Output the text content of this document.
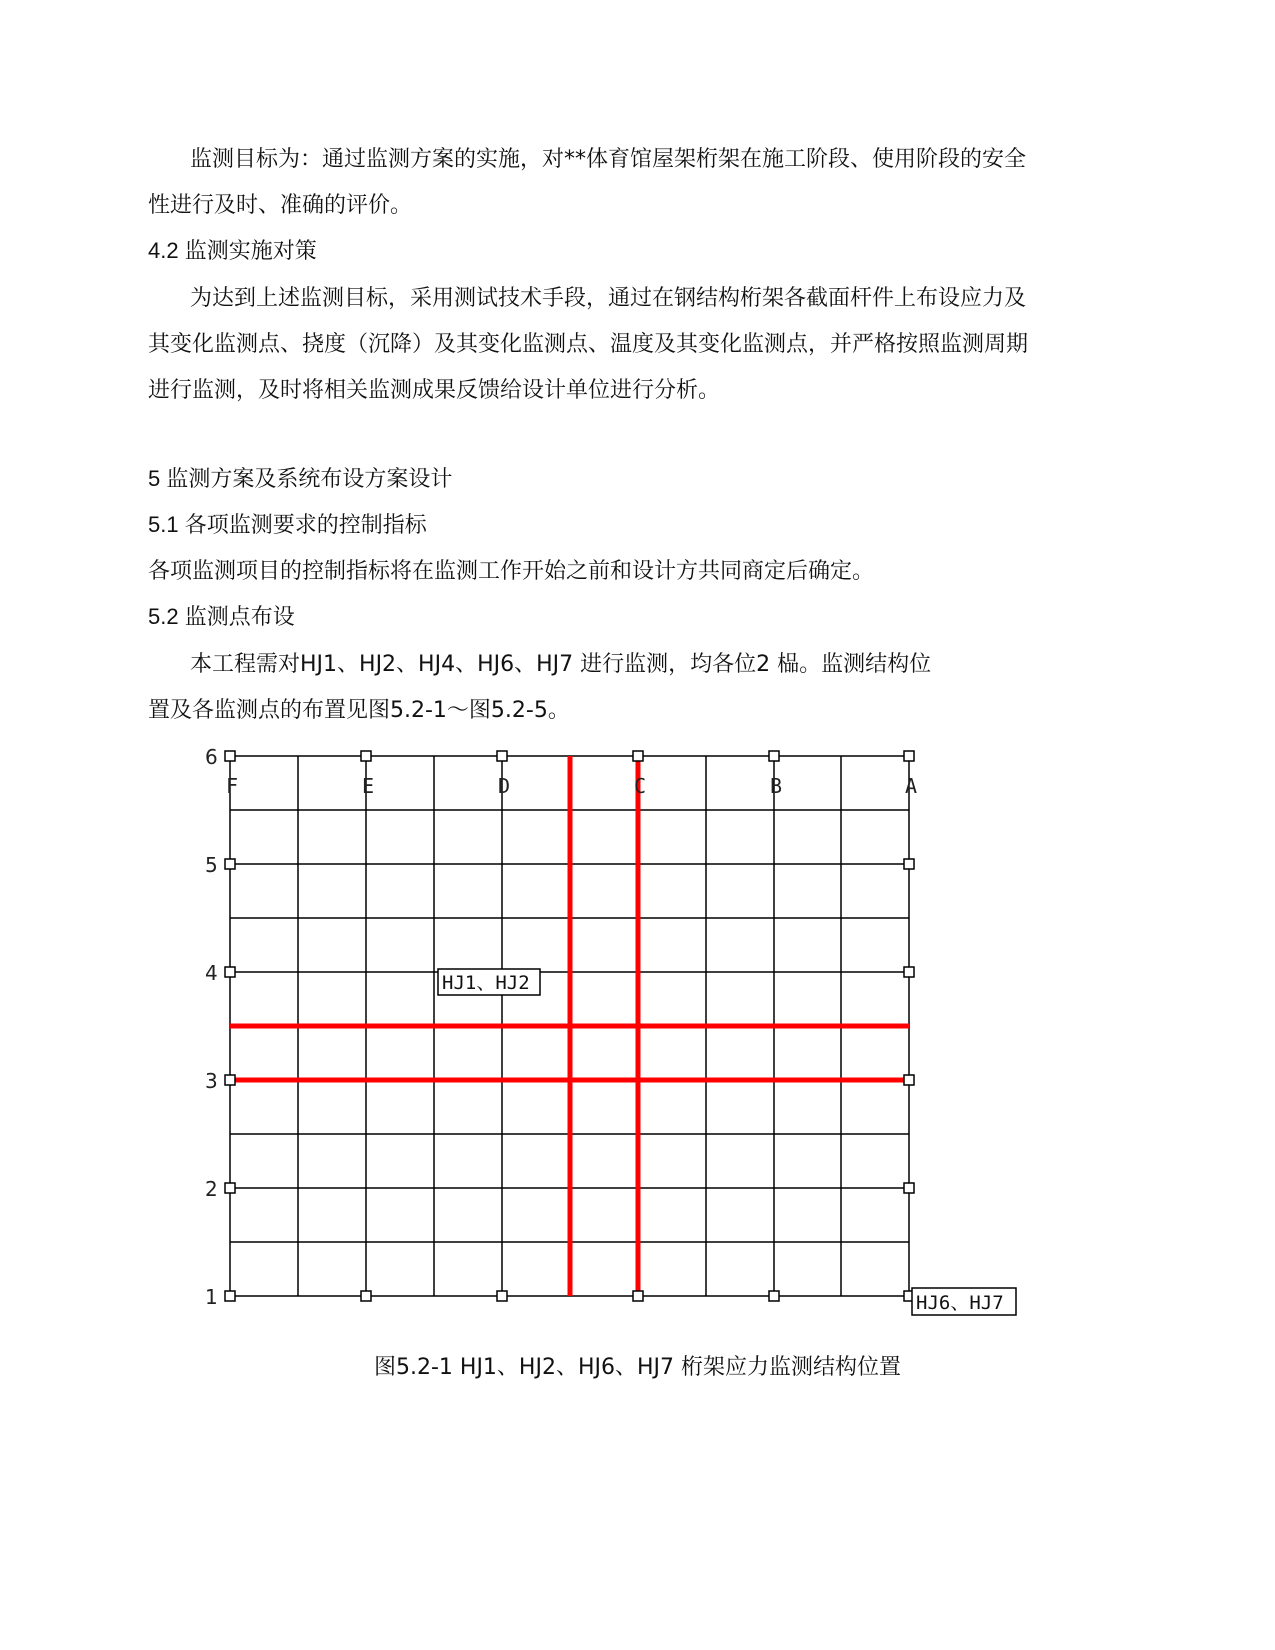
监测目标为：通过监测方案的实施，对**体育馆屋架桁架在施工阶段、使用阶段的安全
性进行及时、准确的评价。
4.2 监测实施对策
为达到上述监测目标，采用测试技术手段，通过在钢结构桁架各截面杆件上布设应力及
其变化监测点、挠度（沉降）及其变化监测点、温度及其变化监测点，并严格按照监测周期
进行监测，及时将相关监测成果反馈给设计单位进行分析。
5 监测方案及系统布设方案设计
5.1 各项监测要求的控制指标
各项监测项目的控制指标将在监测工作开始之前和设计方共同商定后确定。
5.2 监测点布设
本工程需对HJ1、HJ2、HJ4、HJ6、HJ7 进行监测，均各位2 榀。监测结构位
置及各监测点的布置见图5.2-1～图5.2-5。
6
5
4
3
2
1
F	E	D	C	B	A
HJ1、HJ2
HJ6、HJ7
图5.2-1 HJ1、HJ2、HJ6、HJ7 桁架应力监测结构位置
